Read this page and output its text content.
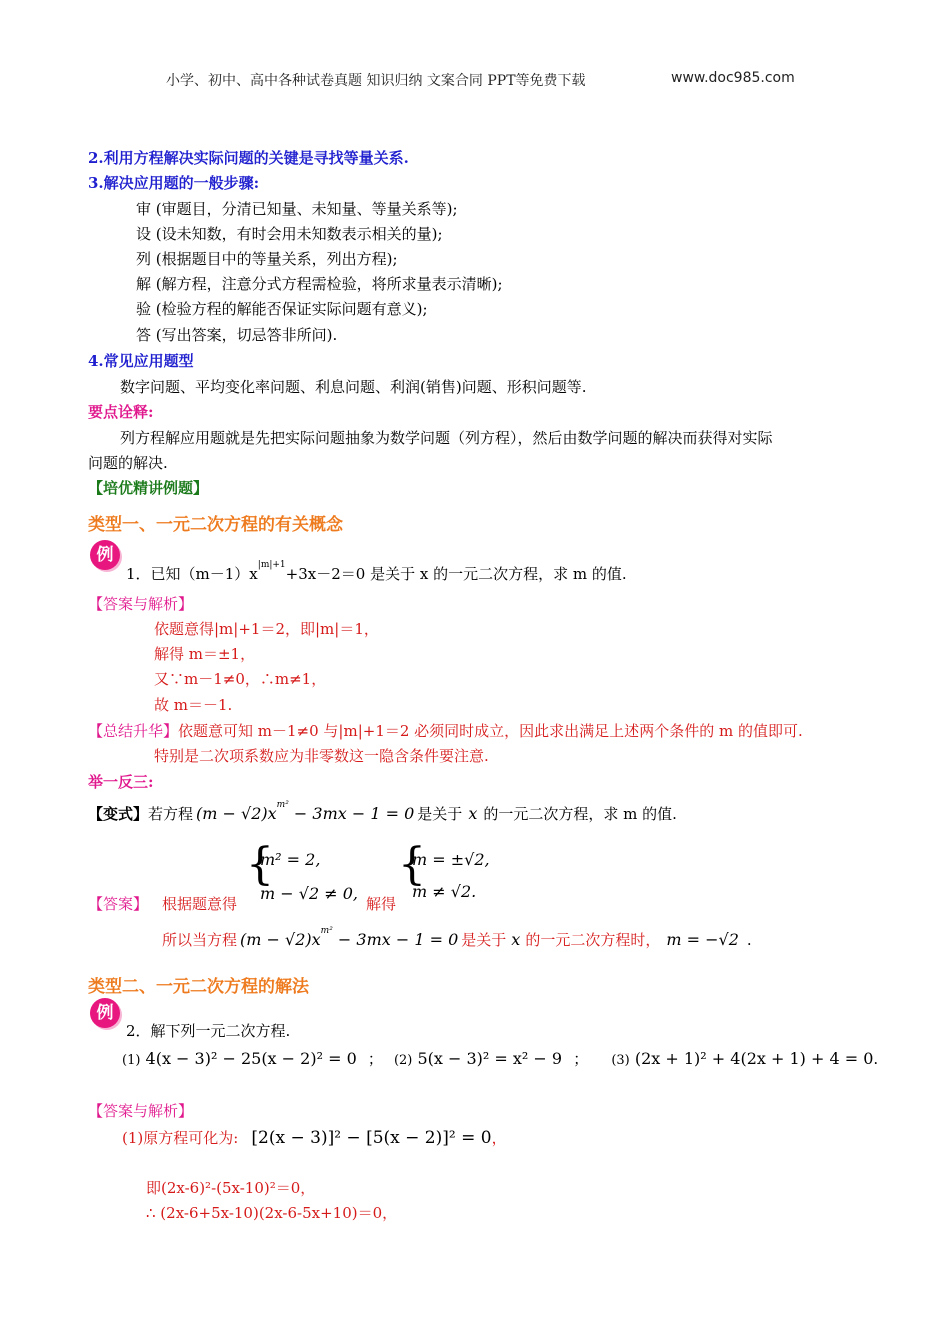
小学、初中、高中各种试卷真题 知识归纳 文案合同 PPT等免费下载	www.doc985.com
2.利用方程解决实际问题的关键是寻找等量关系.
3.解决应用题的一般步骤:
审 (审题目，分清已知量、未知量、等量关系等);
设 (设未知数，有时会用未知数表示相关的量);
列 (根据题目中的等量关系，列出方程);
解 (解方程，注意分式方程需检验，将所求量表示清晰);
验 (检验方程的解能否保证实际问题有意义);
答 (写出答案，切忌答非所问).
4.常见应用题型
数字问题、平均变化率问题、利息问题、利润(销售)问题、形积问题等.
要点诠释:
列方程解应用题就是先把实际问题抽象为数学问题（列方程），然后由数学问题的解决而获得对实际
问题的解决.
【培优精讲例题】
类型一、一元二次方程的有关概念
例
1．已知$(m-1)x^{|m|+1}+3x-2=0$ 是关于 x 的一元二次方程，求 m 的值.
【答案与解析】
依题意得|m|+1＝2，即|m|＝1，
解得 m＝±1，
又∵m－1≠0，∴m≠1，
故 m＝－1.
【总结升华】依题意可知 m－1≠0 与|m|+1＝2 必须同时成立，因此求出满足上述两个条件的 m 的值即可.
特别是二次项系数应为非零数这一隐含条件要注意.
举一反三:
【变式】若方程 $(m - √2)x^{m^2} - 3mx - 1 = 0$ 是关于 x 的一元二次方程，求 m 的值.
【答案】 根据题意得
{
m² = 2,
m − √2 ≠ 0,
解得
{
m = ±√2,
m ≠ √2.
所以当方程 $(m - √2)x^{m^2} - 3mx - 1 = 0$ 是关于 x 的一元二次方程时， m = −√2 .
类型二、一元二次方程的解法
例
2．解下列一元二次方程.
(1) 4(x − 3)² − 25(x − 2)² = 0 ； (2) 5(x − 3)² = x² − 9 ； (3) (2x + 1)² + 4(2x + 1) + 4 = 0.
【答案与解析】
(1)原方程可化为: [2(x − 3)]² − [5(x − 2)]² = 0，
即(2x-6)²-(5x-10)²＝0，
∴ (2x-6+5x-10)(2x-6-5x+10)＝0，
